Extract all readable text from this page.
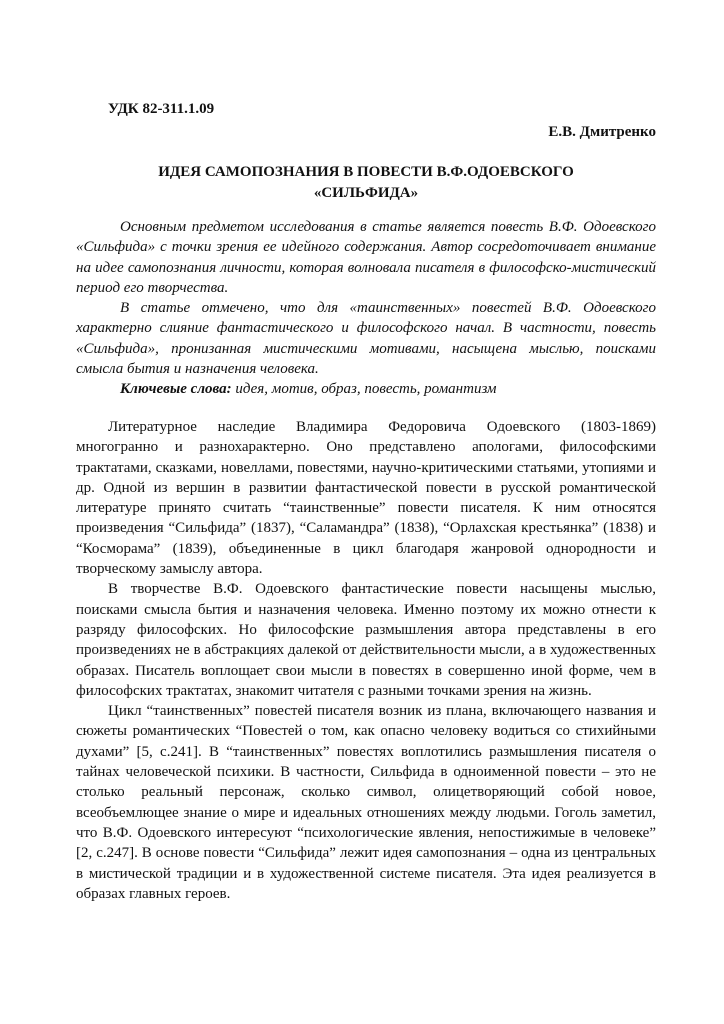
УДК 82-311.1.09
Е.В. Дмитренко
ИДЕЯ САМОПОЗНАНИЯ В ПОВЕСТИ В.Ф.ОДОЕВСКОГО
«СИЛЬФИДА»

Основным предметом исследования в статье является повесть В.Ф. Одоевского «Сильфида» с точки зрения ее идейного содержания. Автор сосредоточивает внимание на идее самопознания личности, которая волновала писателя в философско-мистический период его творчества.

В статье отмечено, что для «таинственных» повестей В.Ф. Одоевского характерно слияние фантастического и философского начал. В частности, повесть «Сильфида», пронизанная мистическими мотивами, насыщена мыслью, поисками смысла бытия и назначения человека.

Ключевые слова: идея, мотив, образ, повесть, романтизм

Литературное наследие Владимира Федоровича Одоевского (1803-1869) многогранно и разнохарактерно. Оно представлено апологами, философскими трактатами, сказками, новеллами, повестями, научно-критическими статьями, утопиями и др. Одной из вершин в развитии фантастической повести в русской романтической литературе принято считать “таинственные” повести писателя. К ним относятся произведения “Сильфида” (1837), “Саламандра” (1838), “Орлахская крестьянка” (1838) и “Косморама” (1839), объединенные в цикл благодаря жанровой однородности и творческому замыслу автора.

В творчестве В.Ф. Одоевского фантастические повести насыщены мыслью, поисками смысла бытия и назначения человека. Именно поэтому их можно отнести к разряду философских. Но философские размышления автора представлены в его произведениях не в абстракциях далекой от действительности мысли, а в художественных образах. Писатель воплощает свои мысли в повестях в совершенно иной форме, чем в философских трактатах, знакомит читателя с разными точками зрения на жизнь.

Цикл “таинственных” повестей писателя возник из плана, включающего названия и сюжеты романтических “Повестей о том, как опасно человеку водиться со стихийными духами” [5, с.241]. В “таинственных” повестях воплотились размышления писателя о тайнах человеческой психики. В частности, Сильфида в одноименной повести – это не столько реальный персонаж, сколько символ, олицетворяющий собой новое, всеобъемлющее знание о мире и идеальных отношениях между людьми. Гоголь заметил, что В.Ф. Одоевского интересуют “психологические явления, непостижимые в человеке” [2, с.247]. В основе повести “Сильфида” лежит идея самопознания – одна из центральных в мистической традиции и в художественной системе писателя. Эта идея реализуется в образах главных героев.
